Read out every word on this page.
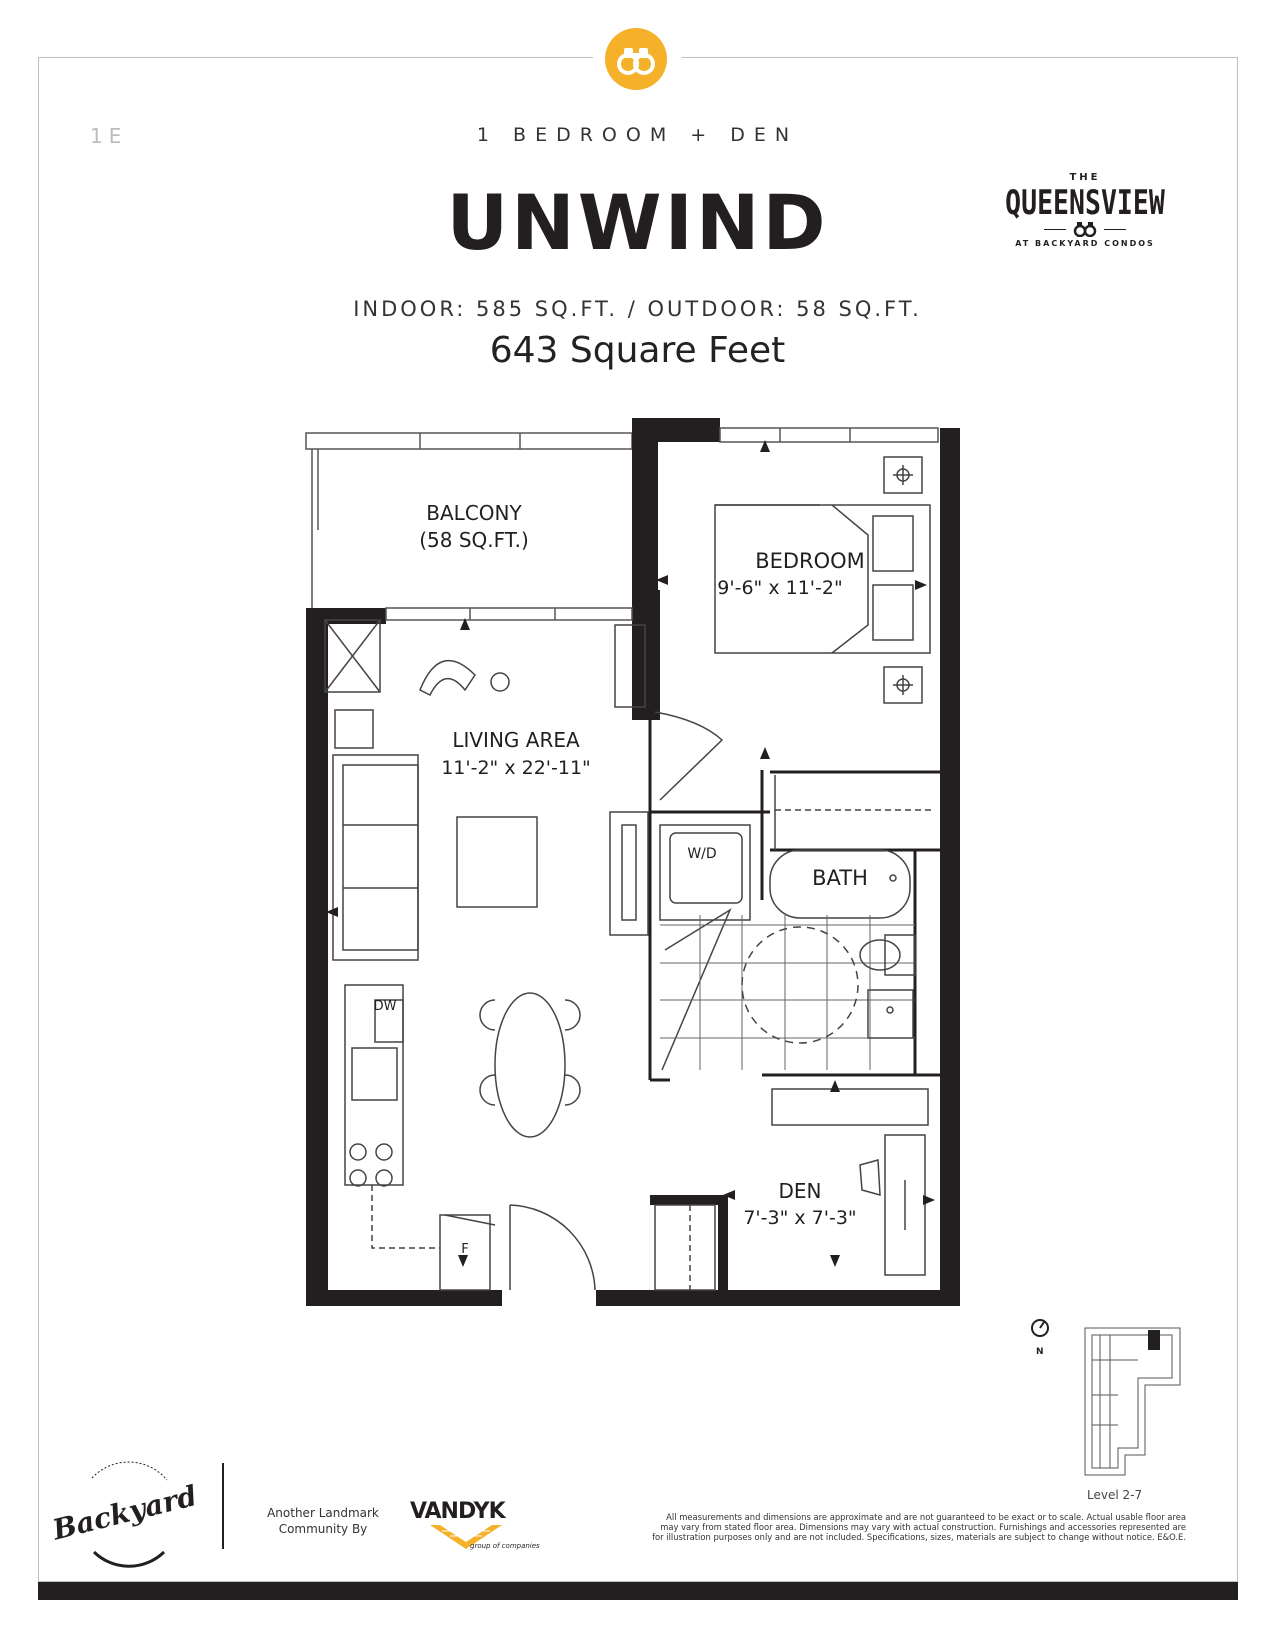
1E	1 BEDROOM + DEN
UNWIND
INDOOR: 585 SQ.FT. / OUTDOOR: 58 SQ.FT.
643 Square Feet
THE
QUEENSVIEW
AT BACKYARD CONDOS
BALCONY
(58 SQ.FT.)
BEDROOM
9'-6" x 11'-2"
LIVING AREA
11'-2" x 22'-11"
BATH
DEN
7'-3" x 7'-3"
W/D
DW
F
N
Level 2-7
Backyard	Another Landmark
Community By
VANDYK
group of companies
All measurements and dimensions are approximate and are not guaranteed to be exact or to scale. Actual usable floor area
may vary from stated floor area. Dimensions may vary with actual construction. Furnishings and accessories represented are
for illustration purposes only and are not included. Specifications, sizes, materials are subject to change without notice. E&O.E.
